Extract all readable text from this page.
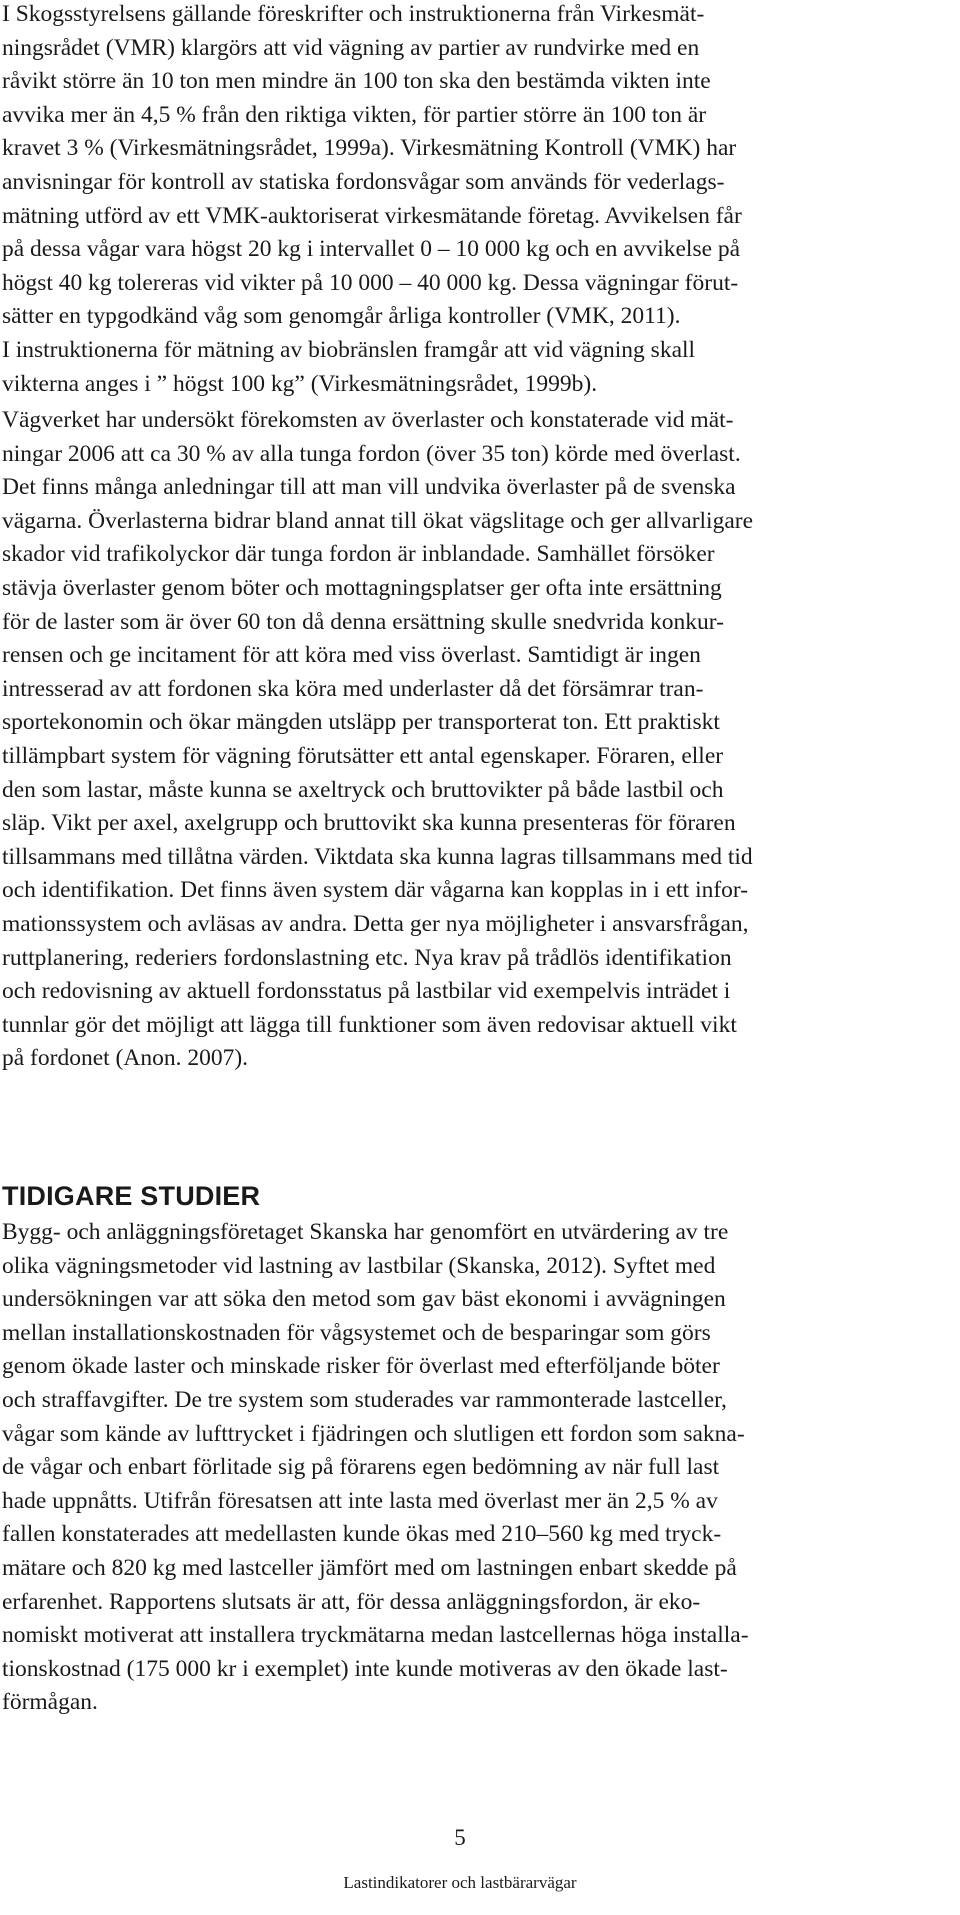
I Skogsstyrelsens gällande föreskrifter och instruktionerna från Virkesmät-
ningsrådet (VMR) klargörs att vid vägning av partier av rundvirke med en
råvikt större än 10 ton men mindre än 100 ton ska den bestämda vikten inte
avvika mer än 4,5 % från den riktiga vikten, för partier större än 100 ton är
kravet 3 % (Virkesmätningsrådet, 1999a). Virkesmätning Kontroll (VMK) har
anvisningar för kontroll av statiska fordonsvågar som används för vederlags-
mätning utförd av ett VMK-auktoriserat virkesmätande företag. Avvikelsen får
på dessa vågar vara högst 20 kg i intervallet 0 – 10 000 kg och en avvikelse på
högst 40 kg tolereras vid vikter på 10 000 – 40 000 kg. Dessa vägningar förut-
sätter en typgodkänd våg som genomgår årliga kontroller (VMK, 2011).
I instruktionerna för mätning av biobränslen framgår att vid vägning skall
vikterna anges i ” högst 100 kg” (Virkesmätningsrådet, 1999b).

Vägverket har undersökt förekomsten av överlaster och konstaterade vid mät-
ningar 2006 att ca 30 % av alla tunga fordon (över 35 ton) körde med överlast.
Det finns många anledningar till att man vill undvika överlaster på de svenska
vägarna. Överlasterna bidrar bland annat till ökat vägslitage och ger allvarligare
skador vid trafikolyckor där tunga fordon är inblandade. Samhället försöker
stävja överlaster genom böter och mottagningsplatser ger ofta inte ersättning
för de laster som är över 60 ton då denna ersättning skulle snedvrida konkur-
rensen och ge incitament för att köra med viss överlast. Samtidigt är ingen
intresserad av att fordonen ska köra med underlaster då det försämrar tran-
sportekonomin och ökar mängden utsläpp per transporterat ton. Ett praktiskt
tillämpbart system för vägning förutsätter ett antal egenskaper. Föraren, eller
den som lastar, måste kunna se axeltryck och bruttovikter på både lastbil och
släp. Vikt per axel, axelgrupp och bruttovikt ska kunna presenteras för föraren
tillsammans med tillåtna värden. Viktdata ska kunna lagras tillsammans med tid
och identifikation. Det finns även system där vågarna kan kopplas in i ett infor-
mationssystem och avläsas av andra. Detta ger nya möjligheter i ansvarsfrågan,
ruttplanering, rederiers fordonslastning etc. Nya krav på trådlös identifikation
och redovisning av aktuell fordonsstatus på lastbilar vid exempelvis inträdet i
tunnlar gör det möjligt att lägga till funktioner som även redovisar aktuell vikt
på fordonet (Anon. 2007).

TIDIGARE STUDIER

Bygg- och anläggningsföretaget Skanska har genomfört en utvärdering av tre
olika vägningsmetoder vid lastning av lastbilar (Skanska, 2012). Syftet med
undersökningen var att söka den metod som gav bäst ekonomi i avvägningen
mellan installationskostnaden för vågsystemet och de besparingar som görs
genom ökade laster och minskade risker för överlast med efterföljande böter
och straffavgifter. De tre system som studerades var rammonterade lastceller,
vågar som kände av lufttrycket i fjädringen och slutligen ett fordon som sakna-
de vågar och enbart förlitade sig på förarens egen bedömning av när full last
hade uppnåtts. Utifrån föresatsen att inte lasta med överlast mer än 2,5 % av
fallen konstaterades att medellasten kunde ökas med 210–560 kg med tryck-
mätare och 820 kg med lastceller jämfört med om lastningen enbart skedde på
erfarenhet. Rapportens slutsats är att, för dessa anläggningsfordon, är eko-
nomiskt motiverat att installera tryckmätarna medan lastcellernas höga installa-
tionskostnad (175 000 kr i exemplet) inte kunde motiveras av den ökade last-
förmågan.

5
Lastindikatorer och lastbärarvägar
